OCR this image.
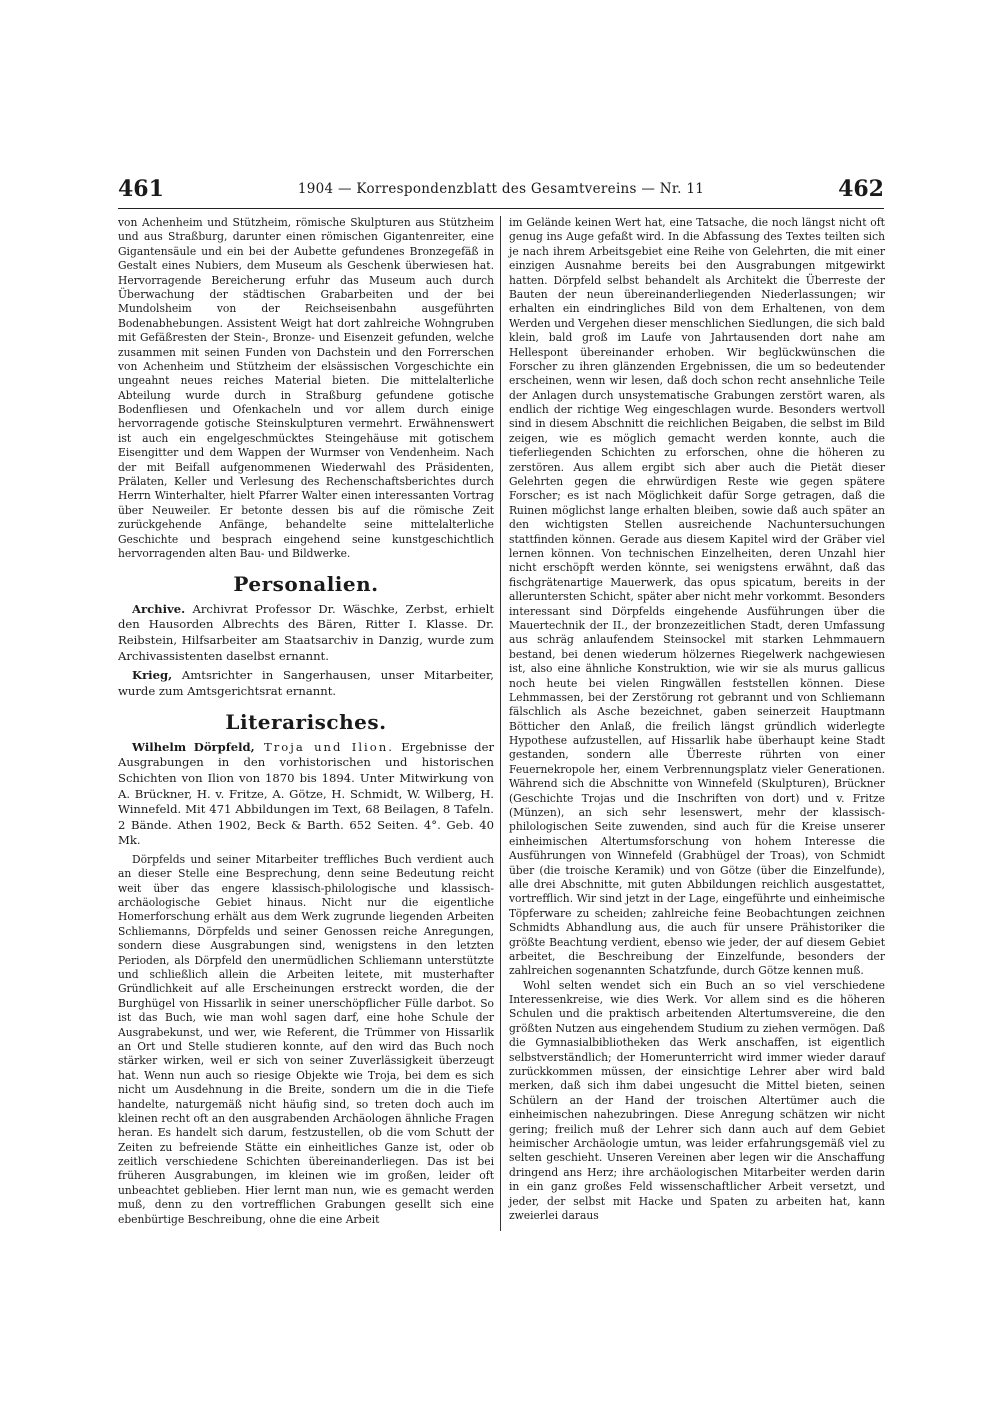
461	1904 — Korrespondenzblatt des Gesamtvereins — Nr. 11	462

von Achenheim und Stützheim, römische Skulpturen aus Stützheim und aus Straßburg, darunter einen römischen Gigantenreiter, eine Gigantensäule und ein bei der Aubette gefundenes Bronzegefäß in Gestalt eines Nubiers, dem Museum als Geschenk überwiesen hat. Hervorragende Bereicherung erfuhr das Museum auch durch Überwachung der städtischen Grabarbeiten und der bei Mundolsheim von der Reichseisenbahn ausgeführten Bodenabhebungen. Assistent Weigt hat dort zahlreiche Wohngruben mit Gefäßresten der Stein-, Bronze- und Eisenzeit gefunden, welche zusammen mit seinen Funden von Dachstein und den Forrerschen von Achenheim und Stützheim der elsässischen Vorgeschichte ein ungeahnt neues reiches Material bieten. Die mittelalterliche Abteilung wurde durch in Straßburg gefundene gotische Bodenfliesen und Ofenkacheln und vor allem durch einige hervorragende gotische Steinskulpturen vermehrt. Erwähnenswert ist auch ein engelgeschmücktes Steingehäuse mit gotischem Eisengitter und dem Wappen der Wurmser von Vendenheim. Nach der mit Beifall aufgenommenen Wiederwahl des Präsidenten, Prälaten, Keller und Verlesung des Rechenschaftsberichtes durch Herrn Winterhalter, hielt Pfarrer Walter einen interessanten Vortrag über Neuweiler. Er betonte dessen bis auf die römische Zeit zurückgehende Anfänge, behandelte seine mittelalterliche Geschichte und besprach eingehend seine kunstgeschichtlich hervorragenden alten Bau- und Bildwerke.

Personalien.

Archive. Archivrat Professor Dr. Wäschke, Zerbst, erhielt den Hausorden Albrechts des Bären, Ritter I. Klasse. Dr. Reibstein, Hilfsarbeiter am Staatsarchiv in Danzig, wurde zum Archivassistenten daselbst ernannt.

Krieg, Amtsrichter in Sangerhausen, unser Mitarbeiter, wurde zum Amtsgerichtsrat ernannt.

Literarisches.

Wilhelm Dörpfeld, Troja und Ilion. Ergebnisse der Ausgrabungen in den vorhistorischen und historischen Schichten von Ilion von 1870 bis 1894. Unter Mitwirkung von A. Brückner, H. v. Fritze, A. Götze, H. Schmidt, W. Wilberg, H. Winnefeld. Mit 471 Abbildungen im Text, 68 Beilagen, 8 Tafeln. 2 Bände. Athen 1902, Beck & Barth. 652 Seiten. 4°. Geb. 40 Mk.

Dörpfelds und seiner Mitarbeiter treffliches Buch verdient auch an dieser Stelle eine Besprechung, denn seine Bedeutung reicht weit über das engere klassisch-philologische und klassisch-archäologische Gebiet hinaus. Nicht nur die eigentliche Homerforschung erhält aus dem Werk zugrunde liegenden Arbeiten Schliemanns, Dörpfelds und seiner Genossen reiche Anregungen, sondern diese Ausgrabungen sind, wenigstens in den letzten Perioden, als Dörpfeld den unermüdlichen Schliemann unterstützte und schließlich allein die Arbeiten leitete, mit musterhafter Gründlichkeit auf alle Erscheinungen erstreckt worden, die der Burghügel von Hissarlik in seiner unerschöpflicher Fülle darbot. So ist das Buch, wie man wohl sagen darf, eine hohe Schule der Ausgrabekunst, und wer, wie Referent, die Trümmer von Hissarlik an Ort und Stelle studieren konnte, auf den wird das Buch noch stärker wirken, weil er sich von seiner Zuverlässigkeit überzeugt hat. Wenn nun auch so riesige Objekte wie Troja, bei dem es sich nicht um Ausdehnung in die Breite, sondern um die in die Tiefe handelte, naturgemäß nicht häufig sind, so treten doch auch im kleinen recht oft an den ausgrabenden Archäologen ähnliche Fragen heran. Es handelt sich darum, festzustellen, ob die vom Schutt der Zeiten zu befreiende Stätte ein einheitliches Ganze ist, oder ob zeitlich verschiedene Schichten übereinanderliegen. Das ist bei früheren Ausgrabungen, im kleinen wie im großen, leider oft unbeachtet geblieben. Hier lernt man nun, wie es gemacht werden muß, denn zu den vortrefflichen Grabungen gesellt sich eine ebenbürtige Beschreibung, ohne die eine Arbeit

im Gelände keinen Wert hat, eine Tatsache, die noch längst nicht oft genug ins Auge gefaßt wird. In die Abfassung des Textes teilten sich je nach ihrem Arbeitsgebiet eine Reihe von Gelehrten, die mit einer einzigen Ausnahme bereits bei den Ausgrabungen mitgewirkt hatten. Dörpfeld selbst behandelt als Architekt die Überreste der Bauten der neun übereinanderliegenden Niederlassungen; wir erhalten ein eindringliches Bild von dem Erhaltenen, von dem Werden und Vergehen dieser menschlichen Siedlungen, die sich bald klein, bald groß im Laufe von Jahrtausenden dort nahe am Hellespont übereinander erhoben. Wir beglückwünschen die Forscher zu ihren glänzenden Ergebnissen, die um so bedeutender erscheinen, wenn wir lesen, daß doch schon recht ansehnliche Teile der Anlagen durch unsystematische Grabungen zerstört waren, als endlich der richtige Weg eingeschlagen wurde. Besonders wertvoll sind in diesem Abschnitt die reichlichen Beigaben, die selbst im Bild zeigen, wie es möglich gemacht werden konnte, auch die tieferliegenden Schichten zu erforschen, ohne die höheren zu zerstören. Aus allem ergibt sich aber auch die Pietät dieser Gelehrten gegen die ehrwürdigen Reste wie gegen spätere Forscher; es ist nach Möglichkeit dafür Sorge getragen, daß die Ruinen möglichst lange erhalten bleiben, sowie daß auch später an den wichtigsten Stellen ausreichende Nachuntersuchungen stattfinden können. Gerade aus diesem Kapitel wird der Gräber viel lernen können. Von technischen Einzelheiten, deren Unzahl hier nicht erschöpft werden könnte, sei wenigstens erwähnt, daß das fischgrätenartige Mauerwerk, das opus spicatum, bereits in der alleruntersten Schicht, später aber nicht mehr vorkommt. Besonders interessant sind Dörpfelds eingehende Ausführungen über die Mauertechnik der II., der bronzezeitlichen Stadt, deren Umfassung aus schräg anlaufendem Steinsockel mit starken Lehmmauern bestand, bei denen wiederum hölzernes Riegelwerk nachgewiesen ist, also eine ähnliche Konstruktion, wie wir sie als murus gallicus noch heute bei vielen Ringwällen feststellen können. Diese Lehmmassen, bei der Zerstörung rot gebrannt und von Schliemann fälschlich als Asche bezeichnet, gaben seinerzeit Hauptmann Bötticher den Anlaß, die freilich längst gründlich widerlegte Hypothese aufzustellen, auf Hissarlik habe überhaupt keine Stadt gestanden, sondern alle Überreste rührten von einer Feuernekropole her, einem Verbrennungsplatz vieler Generationen. Während sich die Abschnitte von Winnefeld (Skulpturen), Brückner (Geschichte Trojas und die Inschriften von dort) und v. Fritze (Münzen), an sich sehr lesenswert, mehr der klassisch-philologischen Seite zuwenden, sind auch für die Kreise unserer einheimischen Altertumsforschung von hohem Interesse die Ausführungen von Winnefeld (Grabhügel der Troas), von Schmidt über (die troische Keramik) und von Götze (über die Einzelfunde), alle drei Abschnitte, mit guten Abbildungen reichlich ausgestattet, vortrefflich. Wir sind jetzt in der Lage, eingeführte und einheimische Töpferware zu scheiden; zahlreiche feine Beobachtungen zeichnen Schmidts Abhandlung aus, die auch für unsere Prähistoriker die größte Beachtung verdient, ebenso wie jeder, der auf diesem Gebiet arbeitet, die Beschreibung der Einzelfunde, besonders der zahlreichen sogenannten Schatzfunde, durch Götze kennen muß.

Wohl selten wendet sich ein Buch an so viel verschiedene Interessenkreise, wie dies Werk. Vor allem sind es die höheren Schulen und die praktisch arbeitenden Altertumsvereine, die den größten Nutzen aus eingehendem Studium zu ziehen vermögen. Daß die Gymnasialbibliotheken das Werk anschaffen, ist eigentlich selbstverständlich; der Homerunterricht wird immer wieder darauf zurückkommen müssen, der einsichtige Lehrer aber wird bald merken, daß sich ihm dabei ungesucht die Mittel bieten, seinen Schülern an der Hand der troischen Altertümer auch die einheimischen nahezubringen. Diese Anregung schätzen wir nicht gering; freilich muß der Lehrer sich dann auch auf dem Gebiet heimischer Archäologie umtun, was leider erfahrungsgemäß viel zu selten geschieht. Unseren Vereinen aber legen wir die Anschaffung dringend ans Herz; ihre archäologischen Mitarbeiter werden darin in ein ganz großes Feld wissenschaftlicher Arbeit versetzt, und jeder, der selbst mit Hacke und Spaten zu arbeiten hat, kann zweierlei daraus
